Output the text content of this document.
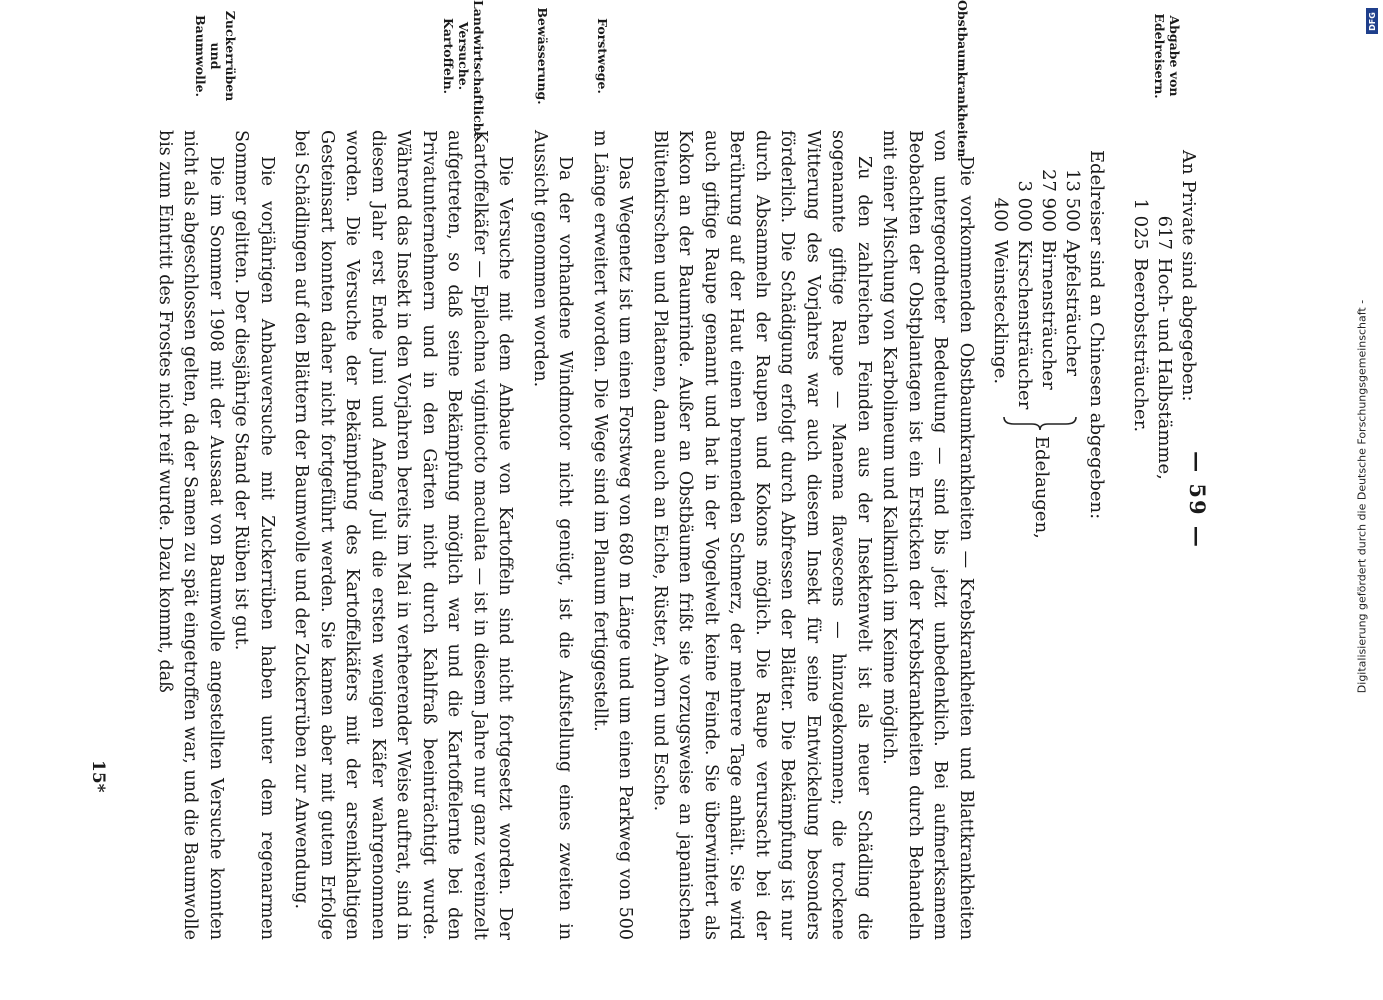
— 59 —
An Private sind abgegeben:
617
Hoch- und Halbstämme,
1 025
Beerobststräucher.
Edelreiser sind an Chinesen abgegeben:
13 500
Apfelsträucher
27 900
Birnensträucher
3 000
Kirschensträucher
400
Weinstecklinge.
Edelaugen,

Die vorkommenden Obstbaumkrankheiten — Krebskrankheiten und Blattkrankheiten von untergeordneter Bedeutung — sind bis jetzt unbedenklich. Bei aufmerksamem Beobachten der Obstplantagen ist ein Ersticken der Krebskrankheiten durch Behandeln mit einer Mischung von Karbolineum und Kalkmilch im Keime möglich.

Zu den zahlreichen Feinden aus der Insektenwelt ist als neuer Schädling die sogenannte giftige Raupe — Manema flavescens — hinzugekommen; die trockene Witterung des Vorjahres war auch diesem Insekt für seine Entwickelung besonders förderlich. Die Schädigung erfolgt durch Abfressen der Blätter. Die Bekämpfung ist nur durch Absammeln der Raupen und Kokons möglich. Die Raupe verursacht bei der Berührung auf der Haut einen brennenden Schmerz, der mehrere Tage anhält. Sie wird auch giftige Raupe genannt und hat in der Vogelwelt keine Feinde. Sie überwintert als Kokon an der Baumrinde. Außer an Obstbäumen frißt sie vorzugsweise an japanischen Blütenkirschen und Platanen, dann auch an Eiche, Rüster, Ahorn und Esche.

Das Wegenetz ist um einen Forstweg von 680 m Länge und um einen Parkweg von 500 m Länge erweitert worden. Die Wege sind im Planum fertiggestellt.

Da der vorhandene Windmotor nicht genügt, ist die Aufstellung eines zweiten in Aussicht genommen worden.

Die Versuche mit dem Anbaue von Kartoffeln sind nicht fortgesetzt worden. Der Kartoffelkäfer — Epilachna vigintiocto maculata — ist in diesem Jahre nur ganz vereinzelt aufgetreten, so daß seine Bekämpfung möglich war und die Kartoffelernte bei den Privatunternehmern und in den Gärten nicht durch Kahlfraß beeinträchtigt wurde. Während das Insekt in den Vorjahren bereits im Mai in verheerender Weise auftrat, sind in diesem Jahr erst Ende Juni und Anfang Juli die ersten wenigen Käfer wahrgenommen worden. Die Versuche der Bekämpfung des Kartoffelkäfers mit der arsenikhaltigen Gesteinsart konnten daher nicht fortgeführt werden. Sie kamen aber mit gutem Erfolge bei Schädlingen auf den Blättern der Baumwolle und der Zuckerrüben zur Anwendung.

Die vorjährigen Anbauversuche mit Zuckerrüben haben unter dem regenarmen Sommer gelitten. Der diesjährige Stand der Rüben ist gut.

Die im Sommer 1908 mit der Aussaat von Baumwolle angestellten Versuche konnten nicht als abgeschlossen gelten, da der Samen zu spät eingetroffen war, und die Baumwolle bis zum Eintritt des Frostes nicht reif wurde. Dazu kommt, daß

Abgabe von Edelreisern.
Obstbaumkrankheiten.
Forstwege.
Bewässerung.
Landwirtschaftliche Versuche. Kartoffeln.
Zuckerrüben und Baumwolle.
15*
Digitalisierung gefördert durch die Deutsche Forschungsgemeinschaft -
DFG
